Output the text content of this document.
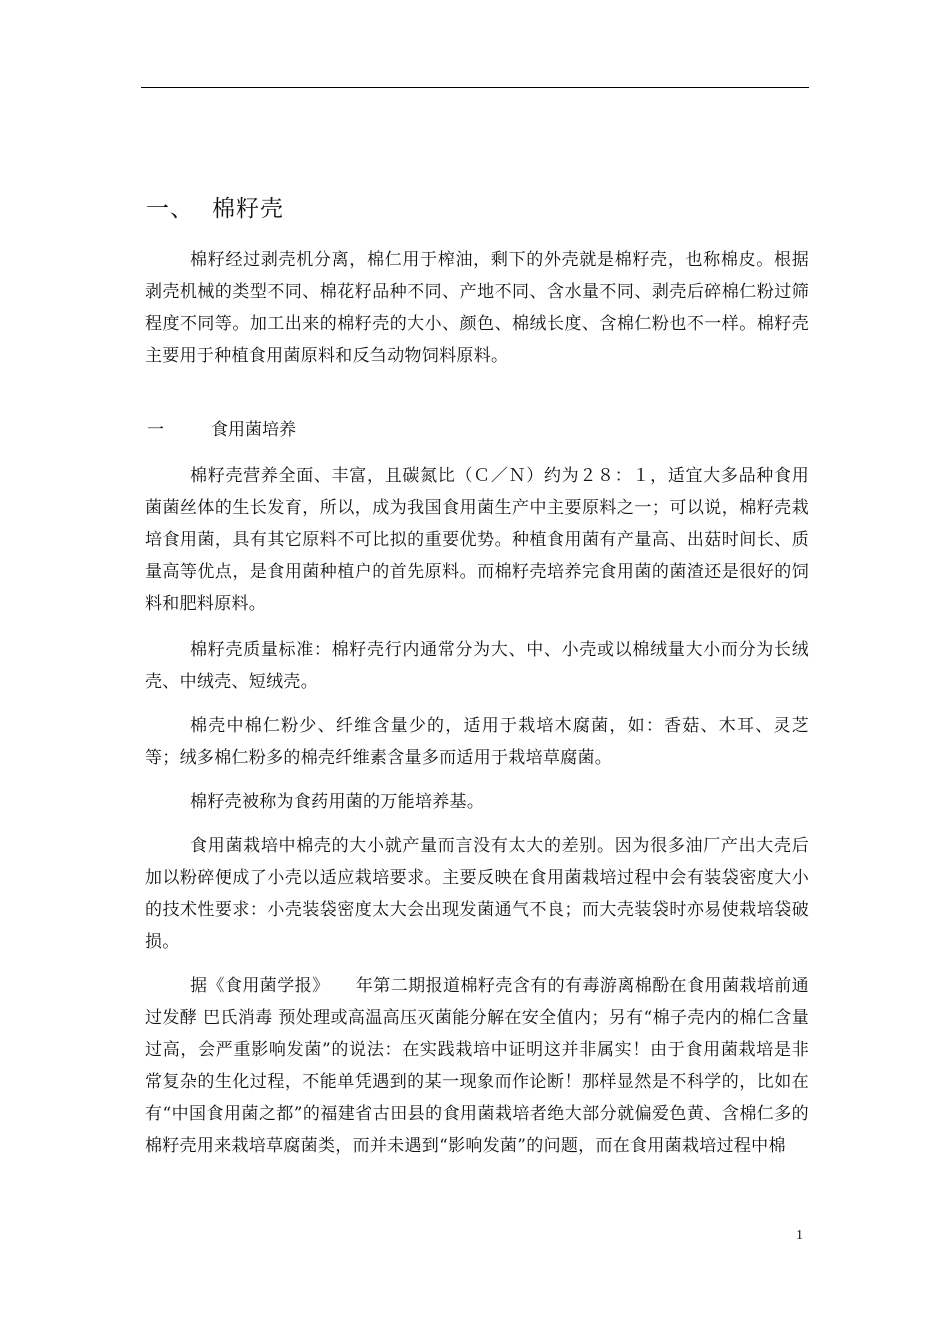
一、 棉籽壳

棉籽经过剥壳机分离，棉仁用于榨油，剩下的外壳就是棉籽壳，也称棉皮。根据剥壳机械的类型不同、棉花籽品种不同、产地不同、含水量不同、剥壳后碎棉仁粉过筛程度不同等。加工出来的棉籽壳的大小、颜色、棉绒长度、含棉仁粉也不一样。棉籽壳主要用于种植食用菌原料和反刍动物饲料原料。

一	食用菌培养

棉籽壳营养全面、丰富，且碳氮比（Ｃ／Ｎ）约为２８：１，适宜大多品种食用菌菌丝体的生长发育，所以，成为我国食用菌生产中主要原料之一；可以说，棉籽壳栽培食用菌，具有其它原料不可比拟的重要优势。种植食用菌有产量高、出菇时间长、质量高等优点，是食用菌种植户的首先原料。而棉籽壳培养完食用菌的菌渣还是很好的饲料和肥料原料。

棉籽壳质量标准：棉籽壳行内通常分为大、中、小壳或以棉绒量大小而分为长绒壳、中绒壳、短绒壳。

棉壳中棉仁粉少、纤维含量少的，适用于栽培木腐菌，如：香菇、木耳、灵芝等；绒多棉仁粉多的棉壳纤维素含量多而适用于栽培草腐菌。

棉籽壳被称为食药用菌的万能培养基。

食用菌栽培中棉壳的大小就产量而言没有太大的差别。因为很多油厂产出大壳后加以粉碎便成了小壳以适应栽培要求。主要反映在食用菌栽培过程中会有装袋密度大小的技术性要求：小壳装袋密度太大会出现发菌通气不良；而大壳装袋时亦易使栽培袋破损。

据《食用菌学报》　　年第二期报道棉籽壳含有的有毒游离棉酚在食用菌栽培前通过发酵 巴氏消毒 预处理或高温高压灭菌能分解在安全值内；另有“棉子壳内的棉仁含量过高，会严重影响发菌”的说法：在实践栽培中证明这并非属实！由于食用菌栽培是非常复杂的生化过程，不能单凭遇到的某一现象而作论断！那样显然是不科学的，比如在有“中国食用菌之都”的福建省古田县的食用菌栽培者绝大部分就偏爱色黄、含棉仁多的棉籽壳用来栽培草腐菌类，而并未遇到“影响发菌”的问题，而在食用菌栽培过程中棉

1
